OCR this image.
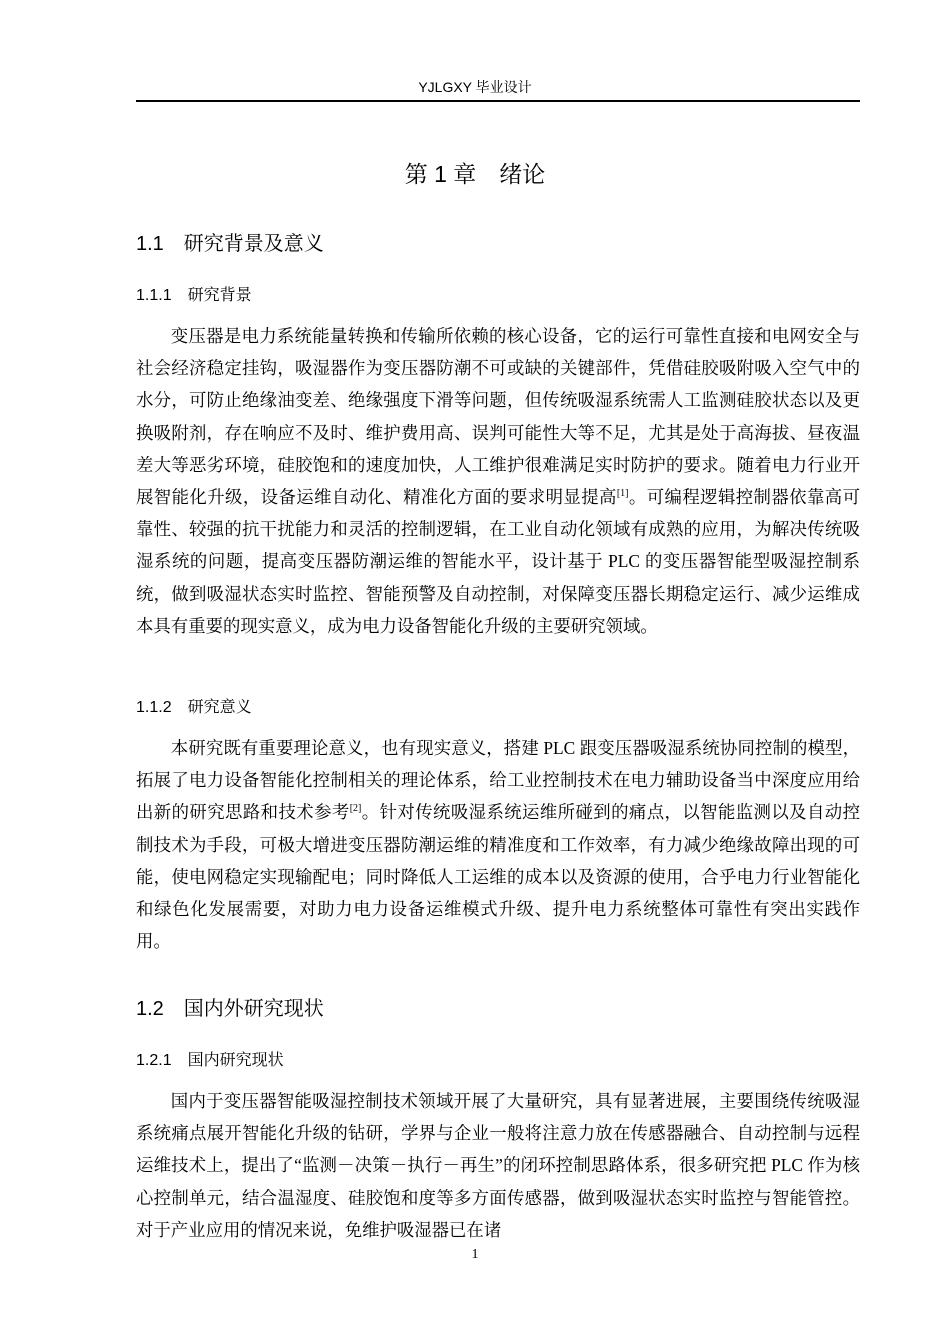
YJLGXY 毕业设计
第 1 章　绪论
1.1　研究背景及意义
1.1.1　研究背景

变压器是电力系统能量转换和传输所依赖的核心设备，它的运行可靠性直接和电网安全与社会经济稳定挂钩，吸湿器作为变压器防潮不可或缺的关键部件，凭借硅胶吸附吸入空气中的水分，可防止绝缘油变差、绝缘强度下滑等问题，但传统吸湿系统需人工监测硅胶状态以及更换吸附剂，存在响应不及时、维护费用高、误判可能性大等不足，尤其是处于高海拔、昼夜温差大等恶劣环境，硅胶饱和的速度加快，人工维护很难满足实时防护的要求。随着电力行业开展智能化升级，设备运维自动化、精准化方面的要求明显提高[1]。可编程逻辑控制器依靠高可靠性、较强的抗干扰能力和灵活的控制逻辑，在工业自动化领域有成熟的应用，为解决传统吸湿系统的问题，提高变压器防潮运维的智能水平，设计基于 PLC 的变压器智能型吸湿控制系统，做到吸湿状态实时监控、智能预警及自动控制，对保障变压器长期稳定运行、减少运维成本具有重要的现实意义，成为电力设备智能化升级的主要研究领域。

1.1.2　研究意义

本研究既有重要理论意义，也有现实意义，搭建 PLC 跟变压器吸湿系统协同控制的模型，拓展了电力设备智能化控制相关的理论体系，给工业控制技术在电力辅助设备当中深度应用给出新的研究思路和技术参考[2]。针对传统吸湿系统运维所碰到的痛点，以智能监测以及自动控制技术为手段，可极大增进变压器防潮运维的精准度和工作效率，有力减少绝缘故障出现的可能，使电网稳定实现输配电；同时降低人工运维的成本以及资源的使用，合乎电力行业智能化和绿色化发展需要，对助力电力设备运维模式升级、提升电力系统整体可靠性有突出实践作用。

1.2　国内外研究现状
1.2.1　国内研究现状

国内于变压器智能吸湿控制技术领域开展了大量研究，具有显著进展，主要围绕传统吸湿系统痛点展开智能化升级的钻研，学界与企业一般将注意力放在传感器融合、自动控制与远程运维技术上，提出了“监测－决策－执行－再生”的闭环控制思路体系，很多研究把 PLC 作为核心控制单元，结合温湿度、硅胶饱和度等多方面传感器，做到吸湿状态实时监控与智能管控。对于产业应用的情况来说，免维护吸湿器已在诸

1
